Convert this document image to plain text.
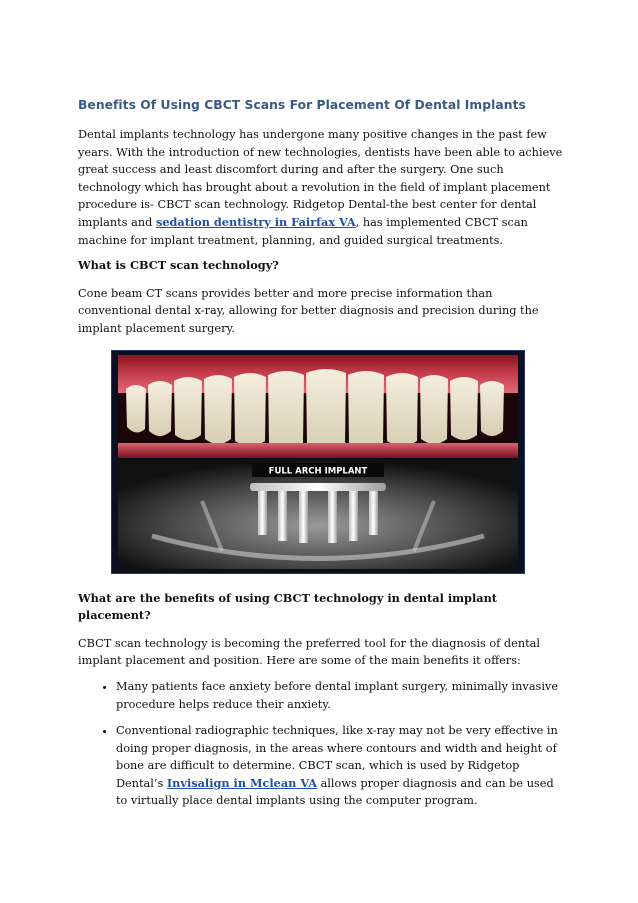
Benefits Of Using CBCT Scans For Placement Of Dental Implants

Dental implants technology has undergone many positive changes in the past few years. With the introduction of new technologies, dentists have been able to achieve great success and least discomfort during and after the surgery. One such technology which has brought about a revolution in the field of implant placement procedure is- CBCT scan technology. Ridgetop Dental-the best center for dental implants and sedation dentistry in Fairfax VA, has implemented CBCT scan machine for implant treatment, planning, and guided surgical treatments.

What is CBCT scan technology?

Cone beam CT scans provides better and more precise information than conventional dental x-ray, allowing for better diagnosis and precision during the implant placement surgery.

FULL ARCH IMPLANT

What are the benefits of using CBCT technology in dental implant placement?

CBCT scan technology is becoming the preferred tool for the diagnosis of dental implant placement and position. Here are some of the main benefits it offers:

• Many patients face anxiety before dental implant surgery, minimally invasive procedure helps reduce their anxiety.
• Conventional radiographic techniques, like x-ray may not be very effective in doing proper diagnosis, in the areas where contours and width and height of bone are difficult to determine. CBCT scan, which is used by Ridgetop Dental’s Invisalign in Mclean VA allows proper diagnosis and can be used to virtually place dental implants using the computer program.
